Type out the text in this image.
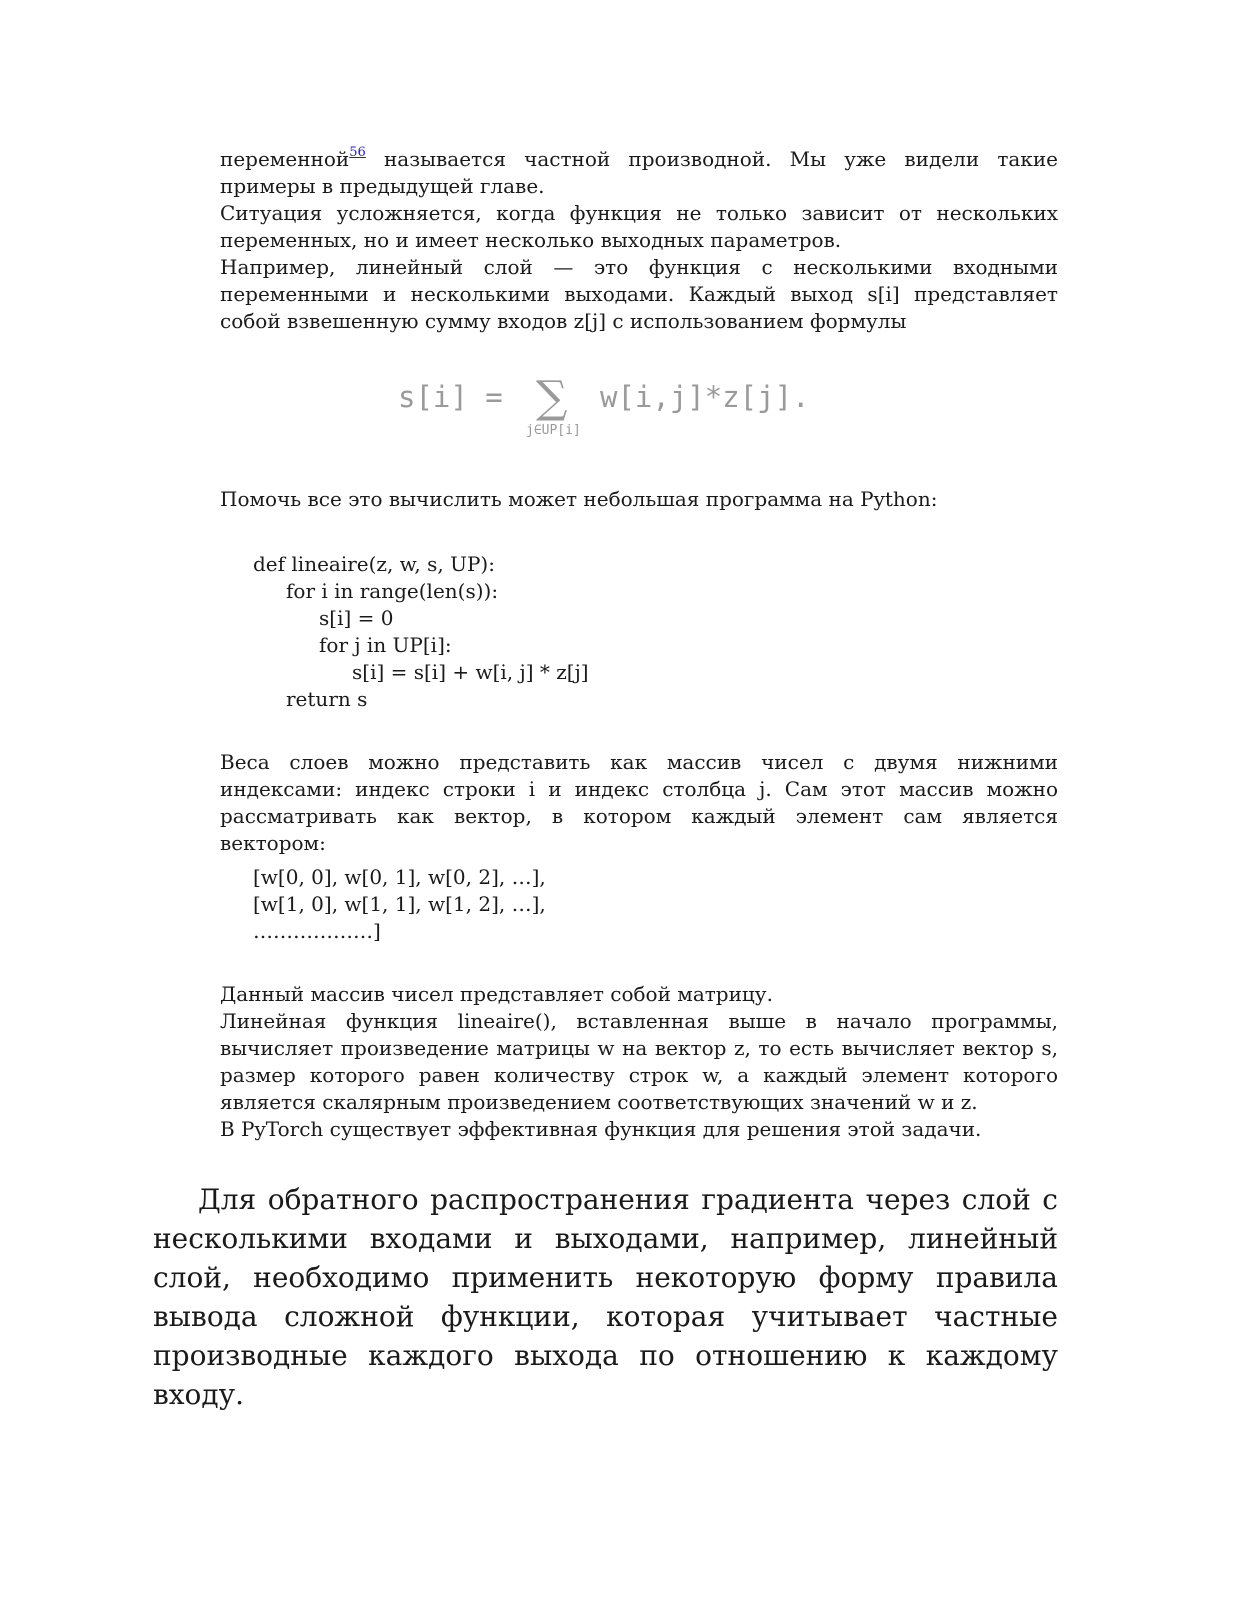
переменной$^{56}$ называется частной производной. Мы уже видели такие примеры в предыдущей главе.

Ситуация усложняется, когда функция не только зависит от нескольких переменных, но и имеет несколько выходных параметров.

Например, линейный слой — это функция с несколькими входными переменными и несколькими выходами. Каждый выход s[i] представляет собой взвешенную сумму входов z[j] с использованием формулы

s[i] = ∑
j∈UP[i]
w[i,j]*z[j].

Помочь все это вычислить может небольшая программа на Python:

def lineaire(z, w, s, UP):
for i in range(len(s)):
s[i] = 0
for j in UP[i]:
s[i] = s[i] + w[i, j] * z[j]
return s

Веса слоев можно представить как массив чисел с двумя нижними индексами: индекс строки i и индекс столбца j. Сам этот массив можно рассматривать как вектор, в котором каждый элемент сам является вектором:

[w[0, 0], w[0, 1], w[0, 2], …],
[w[1, 0], w[1, 1], w[1, 2], …],
………………]

Данный массив чисел представляет собой матрицу.

Линейная функция lineaire(), вставленная выше в начало программы, вычисляет произведение матрицы w на вектор z, то есть вычисляет вектор s, размер которого равен количеству строк w, а каждый элемент которого является скалярным произведением соответствующих значений w и z.

В PyTorch существует эффективная функция для решения этой задачи.

Для обратного распространения градиента через слой с несколькими входами и выходами, например, линейный слой, необходимо применить некоторую форму правила вывода сложной функции, которая учитывает частные производные каждого выхода по отношению к каждому входу.
